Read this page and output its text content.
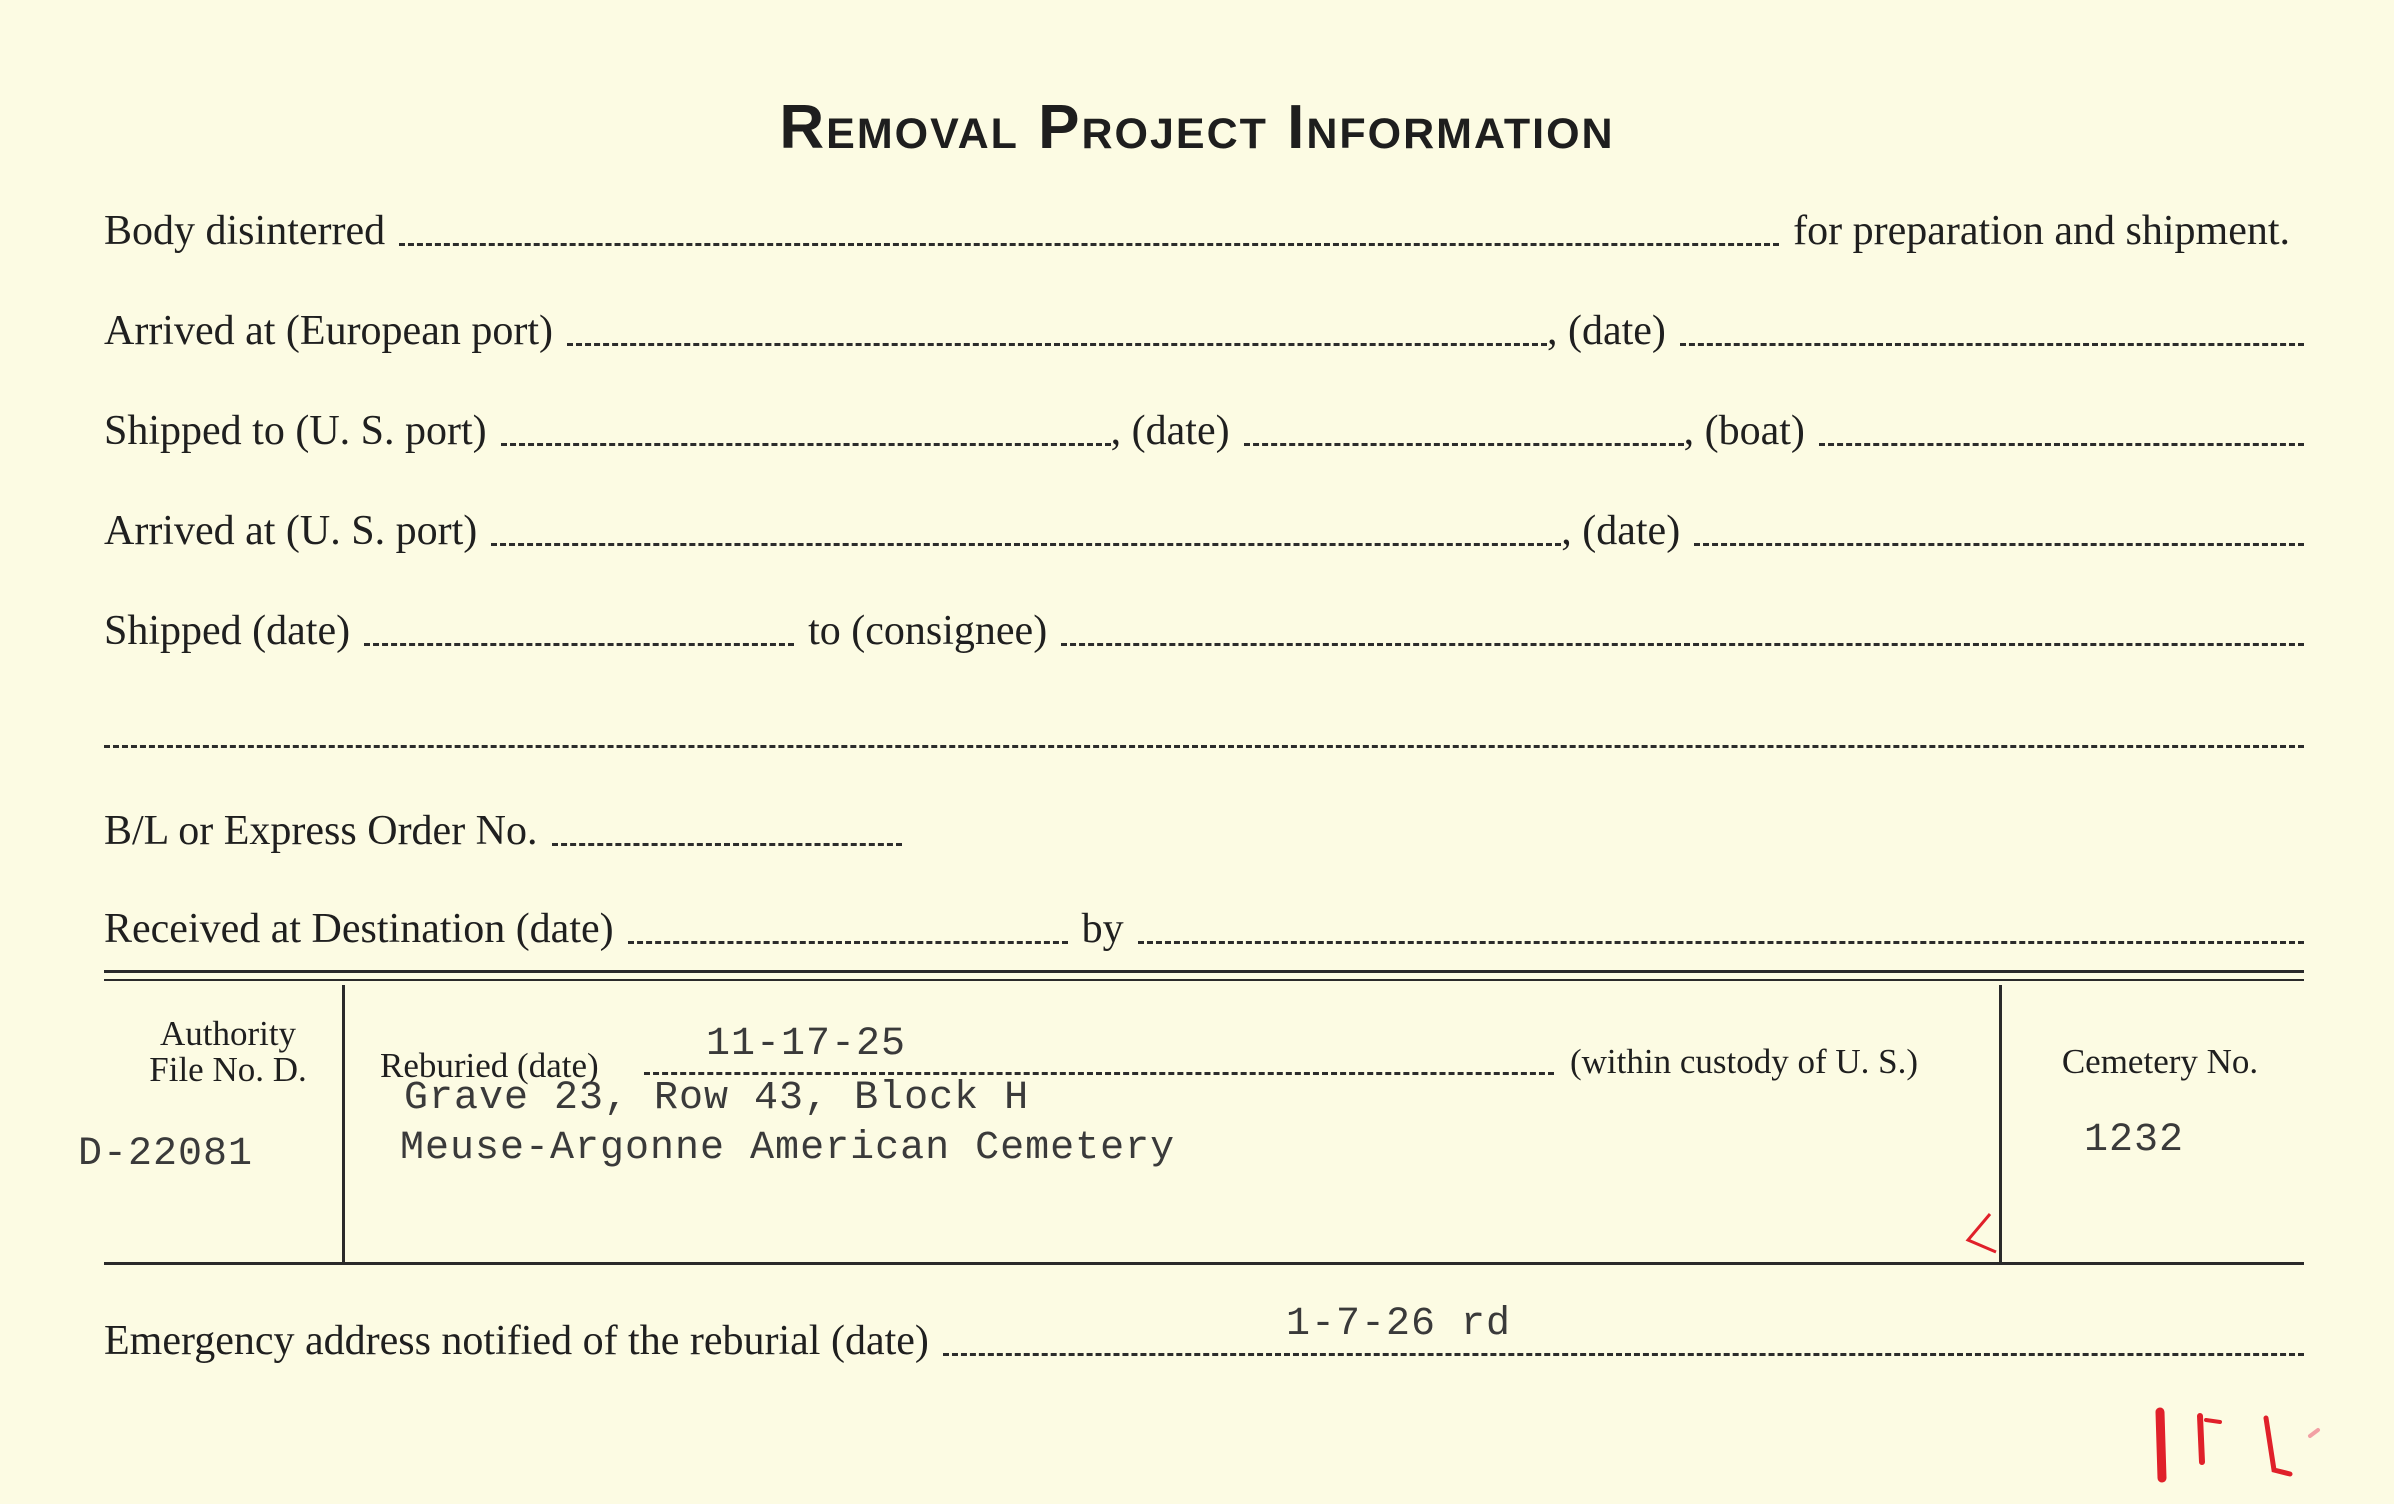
Removal Project Information
Body disinterred	for preparation and shipment.
Arrived at (European port)	, (date)
Shipped to (U. S. port)	, (date)	, (boat)
Arrived at (U. S. port)	, (date)
Shipped (date)	to (consignee)
B/L or Express Order No.
Received at Destination (date)	by
Authority
File No. D.
D-22081
Reburied (date)	11-17-25	(within custody of U. S.)
Grave 23, Row 43, Block H
Meuse-Argonne American Cemetery
Cemetery No.
1232
Emergency address notified of the reburial (date)	1-7-26 rd
